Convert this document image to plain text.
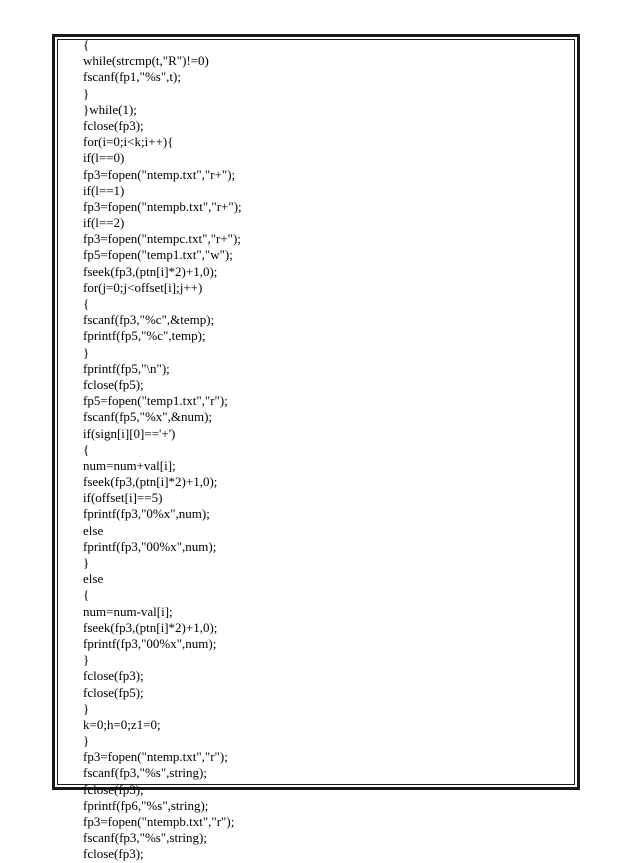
{
while(strcmp(t,"R")!=0)
fscanf(fp1,"%s",t);
}
}while(1);
fclose(fp3);
for(i=0;i<k;i++){
if(l==0)
fp3=fopen("ntemp.txt","r+");
if(l==1)
fp3=fopen("ntempb.txt","r+");
if(l==2)
fp3=fopen("ntempc.txt","r+");
fp5=fopen("temp1.txt","w");
fseek(fp3,(ptn[i]*2)+1,0);
for(j=0;j<offset[i];j++)
{
fscanf(fp3,"%c",&temp);
fprintf(fp5,"%c",temp);
}
fprintf(fp5,"\n");
fclose(fp5);
fp5=fopen("temp1.txt","r");
fscanf(fp5,"%x",&num);
if(sign[i][0]=='+')
{
num=num+val[i];
fseek(fp3,(ptn[i]*2)+1,0);
if(offset[i]==5)
fprintf(fp3,"0%x",num);
else
fprintf(fp3,"00%x",num);
}
else
{
num=num-val[i];
fseek(fp3,(ptn[i]*2)+1,0);
fprintf(fp3,"00%x",num);
}
fclose(fp3);
fclose(fp5);
}
k=0;h=0;z1=0;
}
fp3=fopen("ntemp.txt","r");
fscanf(fp3,"%s",string);
fclose(fp3);
fprintf(fp6,"%s",string);
fp3=fopen("ntempb.txt","r");
fscanf(fp3,"%s",string);
fclose(fp3);
